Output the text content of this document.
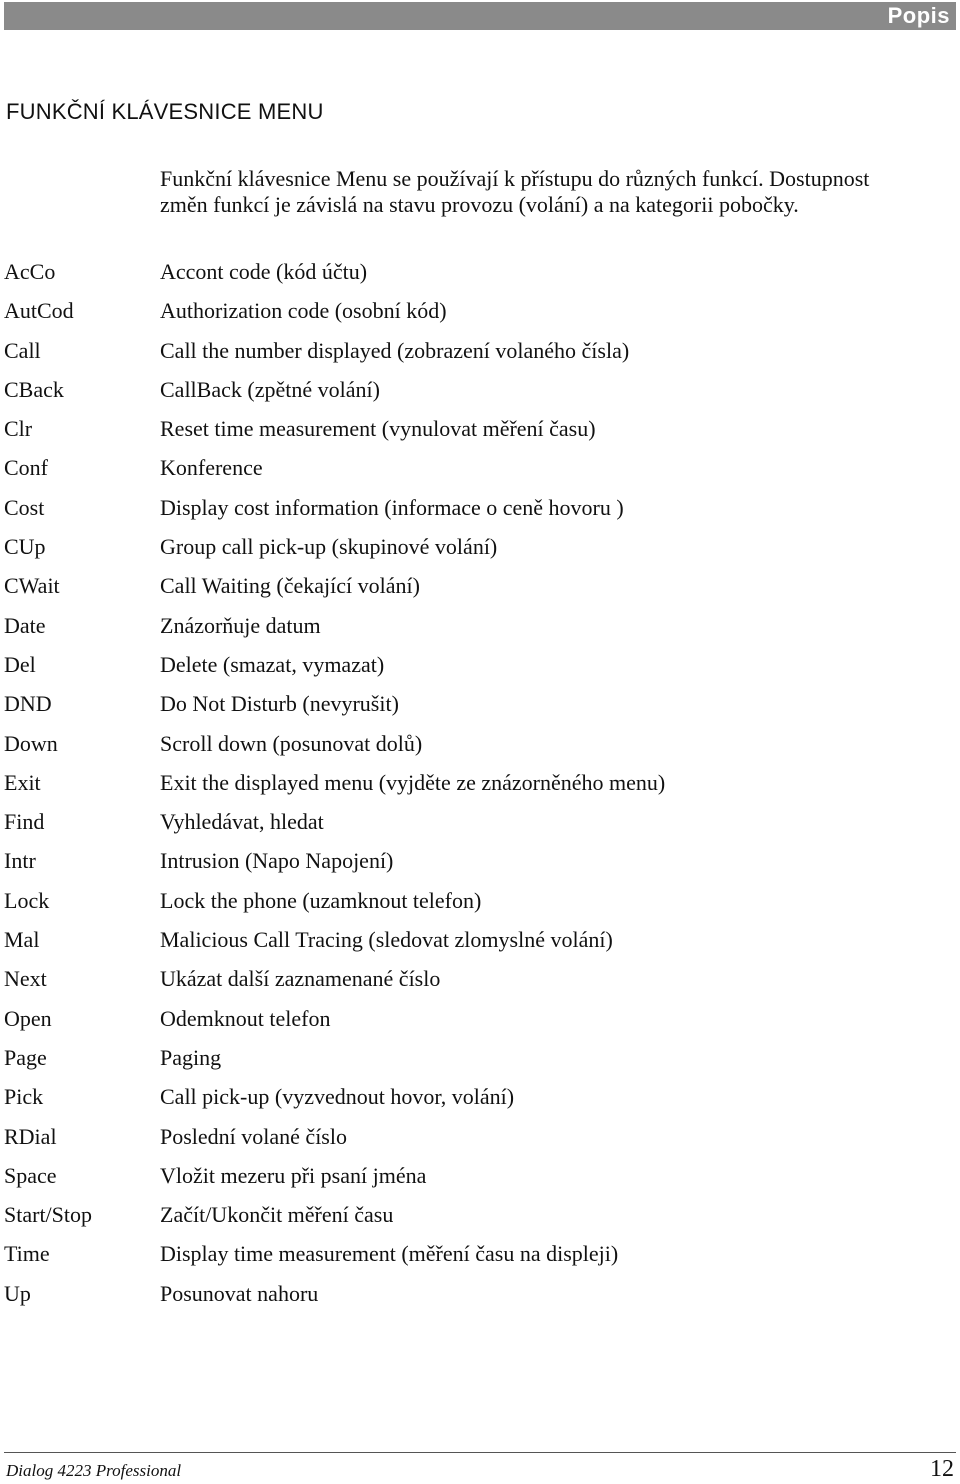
Popis
FUNKČNÍ KLÁVESNICE MENU
Funkční klávesnice Menu se používají k přístupu do různých funkcí. Dostupnost změn funkcí je závislá na stavu provozu (volání) a na kategorii pobočky.
AcCo	Accont code (kód účtu)
AutCod	Authorization code (osobní kód)
Call	Call the number displayed (zobrazení volaného čísla)
CBack	CallBack (zpětné volání)
Clr	Reset time measurement (vynulovat měření času)
Conf	Konference
Cost	Display cost information (informace o ceně hovoru )
CUp	Group call pick-up (skupinové volání)
CWait	Call Waiting (čekající volání)
Date	Znázorňuje datum
Del	Delete (smazat, vymazat)
DND	Do Not Disturb (nevyrušit)
Down	Scroll down (posunovat dolů)
Exit	Exit the displayed menu (vyjděte ze znázorněného menu)
Find	Vyhledávat, hledat
Intr	Intrusion (Napo Napojení)
Lock	Lock the phone (uzamknout telefon)
Mal	Malicious Call Tracing (sledovat zlomyslné volání)
Next	Ukázat další zaznamenané číslo
Open	Odemknout telefon
Page	Paging
Pick	Call pick-up (vyzvednout hovor, volání)
RDial	Poslední volané číslo
Space	Vložit mezeru při psaní jména
Start/Stop	Začít/Ukončit měření času
Time	Display time measurement (měření času na displeji)
Up	Posunovat nahoru
Dialog 4223 Professional	12
